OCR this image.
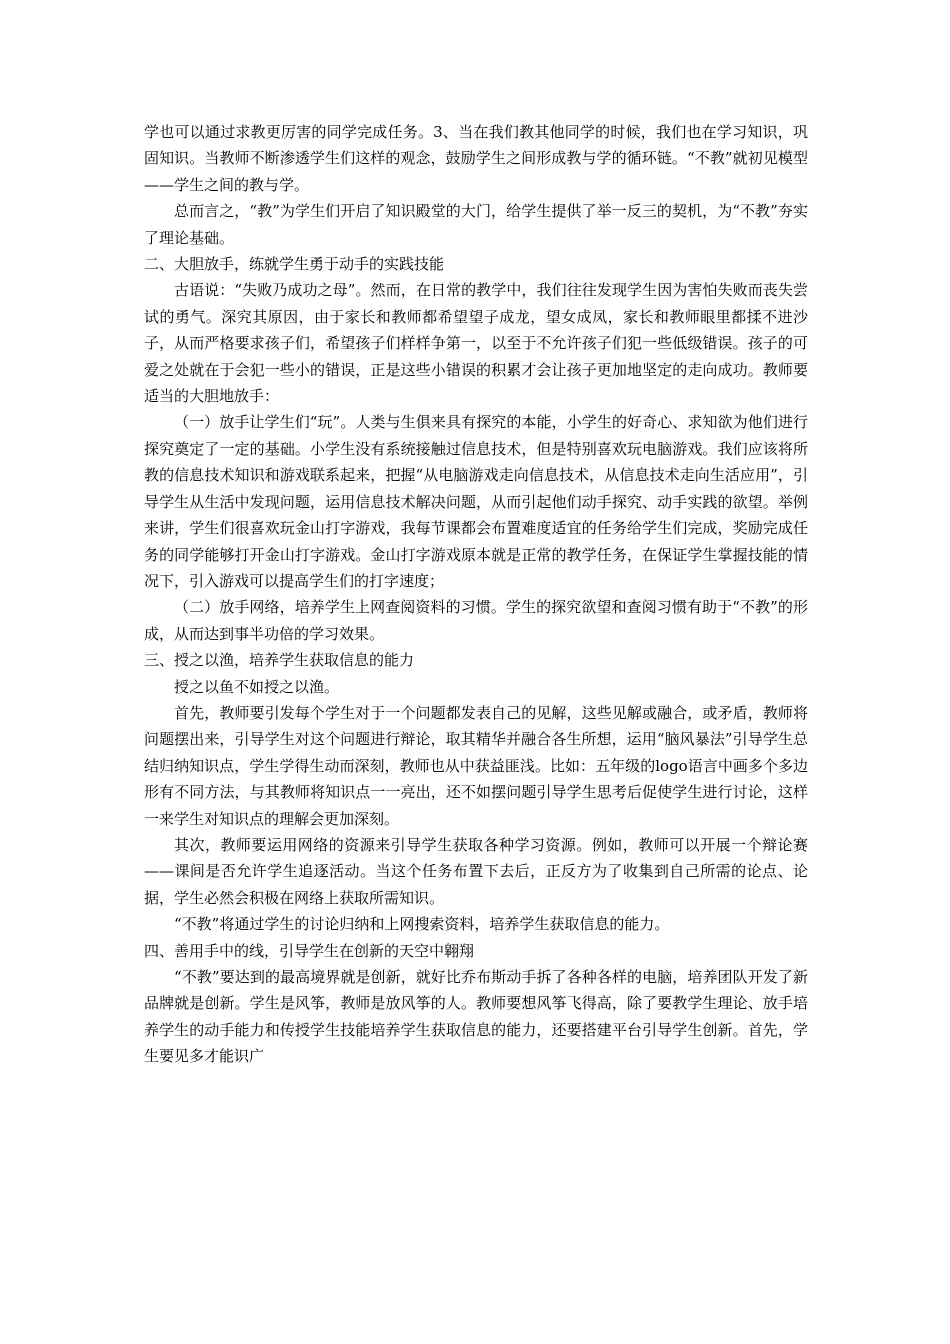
学也可以通过求教更厉害的同学完成任务。3、当在我们教其他同学的时候，我们也在学习知识，巩固知识。当教师不断渗透学生们这样的观念，鼓励学生之间形成教与学的循环链。“不教”就初见模型——学生之间的教与学。

总而言之，“教”为学生们开启了知识殿堂的大门，给学生提供了举一反三的契机，为“不教”夯实了理论基础。

二、大胆放手，练就学生勇于动手的实践技能

古语说：“失败乃成功之母”。然而，在日常的教学中，我们往往发现学生因为害怕失败而丧失尝试的勇气。深究其原因，由于家长和教师都希望望子成龙，望女成凤，家长和教师眼里都揉不进沙子，从而严格要求孩子们，希望孩子们样样争第一，以至于不允许孩子们犯一些低级错误。孩子的可爱之处就在于会犯一些小的错误，正是这些小错误的积累才会让孩子更加地坚定的走向成功。教师要适当的大胆地放手：

（一）放手让学生们“玩”。人类与生俱来具有探究的本能，小学生的好奇心、求知欲为他们进行探究奠定了一定的基础。小学生没有系统接触过信息技术，但是特别喜欢玩电脑游戏。我们应该将所教的信息技术知识和游戏联系起来，把握“从电脑游戏走向信息技术，从信息技术走向生活应用”，引导学生从生活中发现问题，运用信息技术解决问题，从而引起他们动手探究、动手实践的欲望。举例来讲，学生们很喜欢玩金山打字游戏，我每节课都会布置难度适宜的任务给学生们完成，奖励完成任务的同学能够打开金山打字游戏。金山打字游戏原本就是正常的教学任务，在保证学生掌握技能的情况下，引入游戏可以提高学生们的打字速度；

（二）放手网络，培养学生上网查阅资料的习惯。学生的探究欲望和查阅习惯有助于“不教”的形成，从而达到事半功倍的学习效果。

三、授之以渔，培养学生获取信息的能力

授之以鱼不如授之以渔。

首先，教师要引发每个学生对于一个问题都发表自己的见解，这些见解或融合，或矛盾，教师将问题摆出来，引导学生对这个问题进行辩论，取其精华并融合各生所想，运用“脑风暴法”引导学生总结归纳知识点，学生学得生动而深刻，教师也从中获益匪浅。比如：五年级的logo语言中画多个多边形有不同方法，与其教师将知识点一一亮出，还不如摆问题引导学生思考后促使学生进行讨论，这样一来学生对知识点的理解会更加深刻。

其次，教师要运用网络的资源来引导学生获取各种学习资源。例如，教师可以开展一个辩论赛——课间是否允许学生追逐活动。当这个任务布置下去后，正反方为了收集到自己所需的论点、论据，学生必然会积极在网络上获取所需知识。

“不教”将通过学生的讨论归纳和上网搜索资料，培养学生获取信息的能力。

四、善用手中的线，引导学生在创新的天空中翱翔

“不教”要达到的最高境界就是创新，就好比乔布斯动手拆了各种各样的电脑，培养团队开发了新品牌就是创新。学生是风筝，教师是放风筝的人。教师要想风筝飞得高，除了要教学生理论、放手培养学生的动手能力和传授学生技能培养学生获取信息的能力，还要搭建平台引导学生创新。首先，学生要见多才能识广
